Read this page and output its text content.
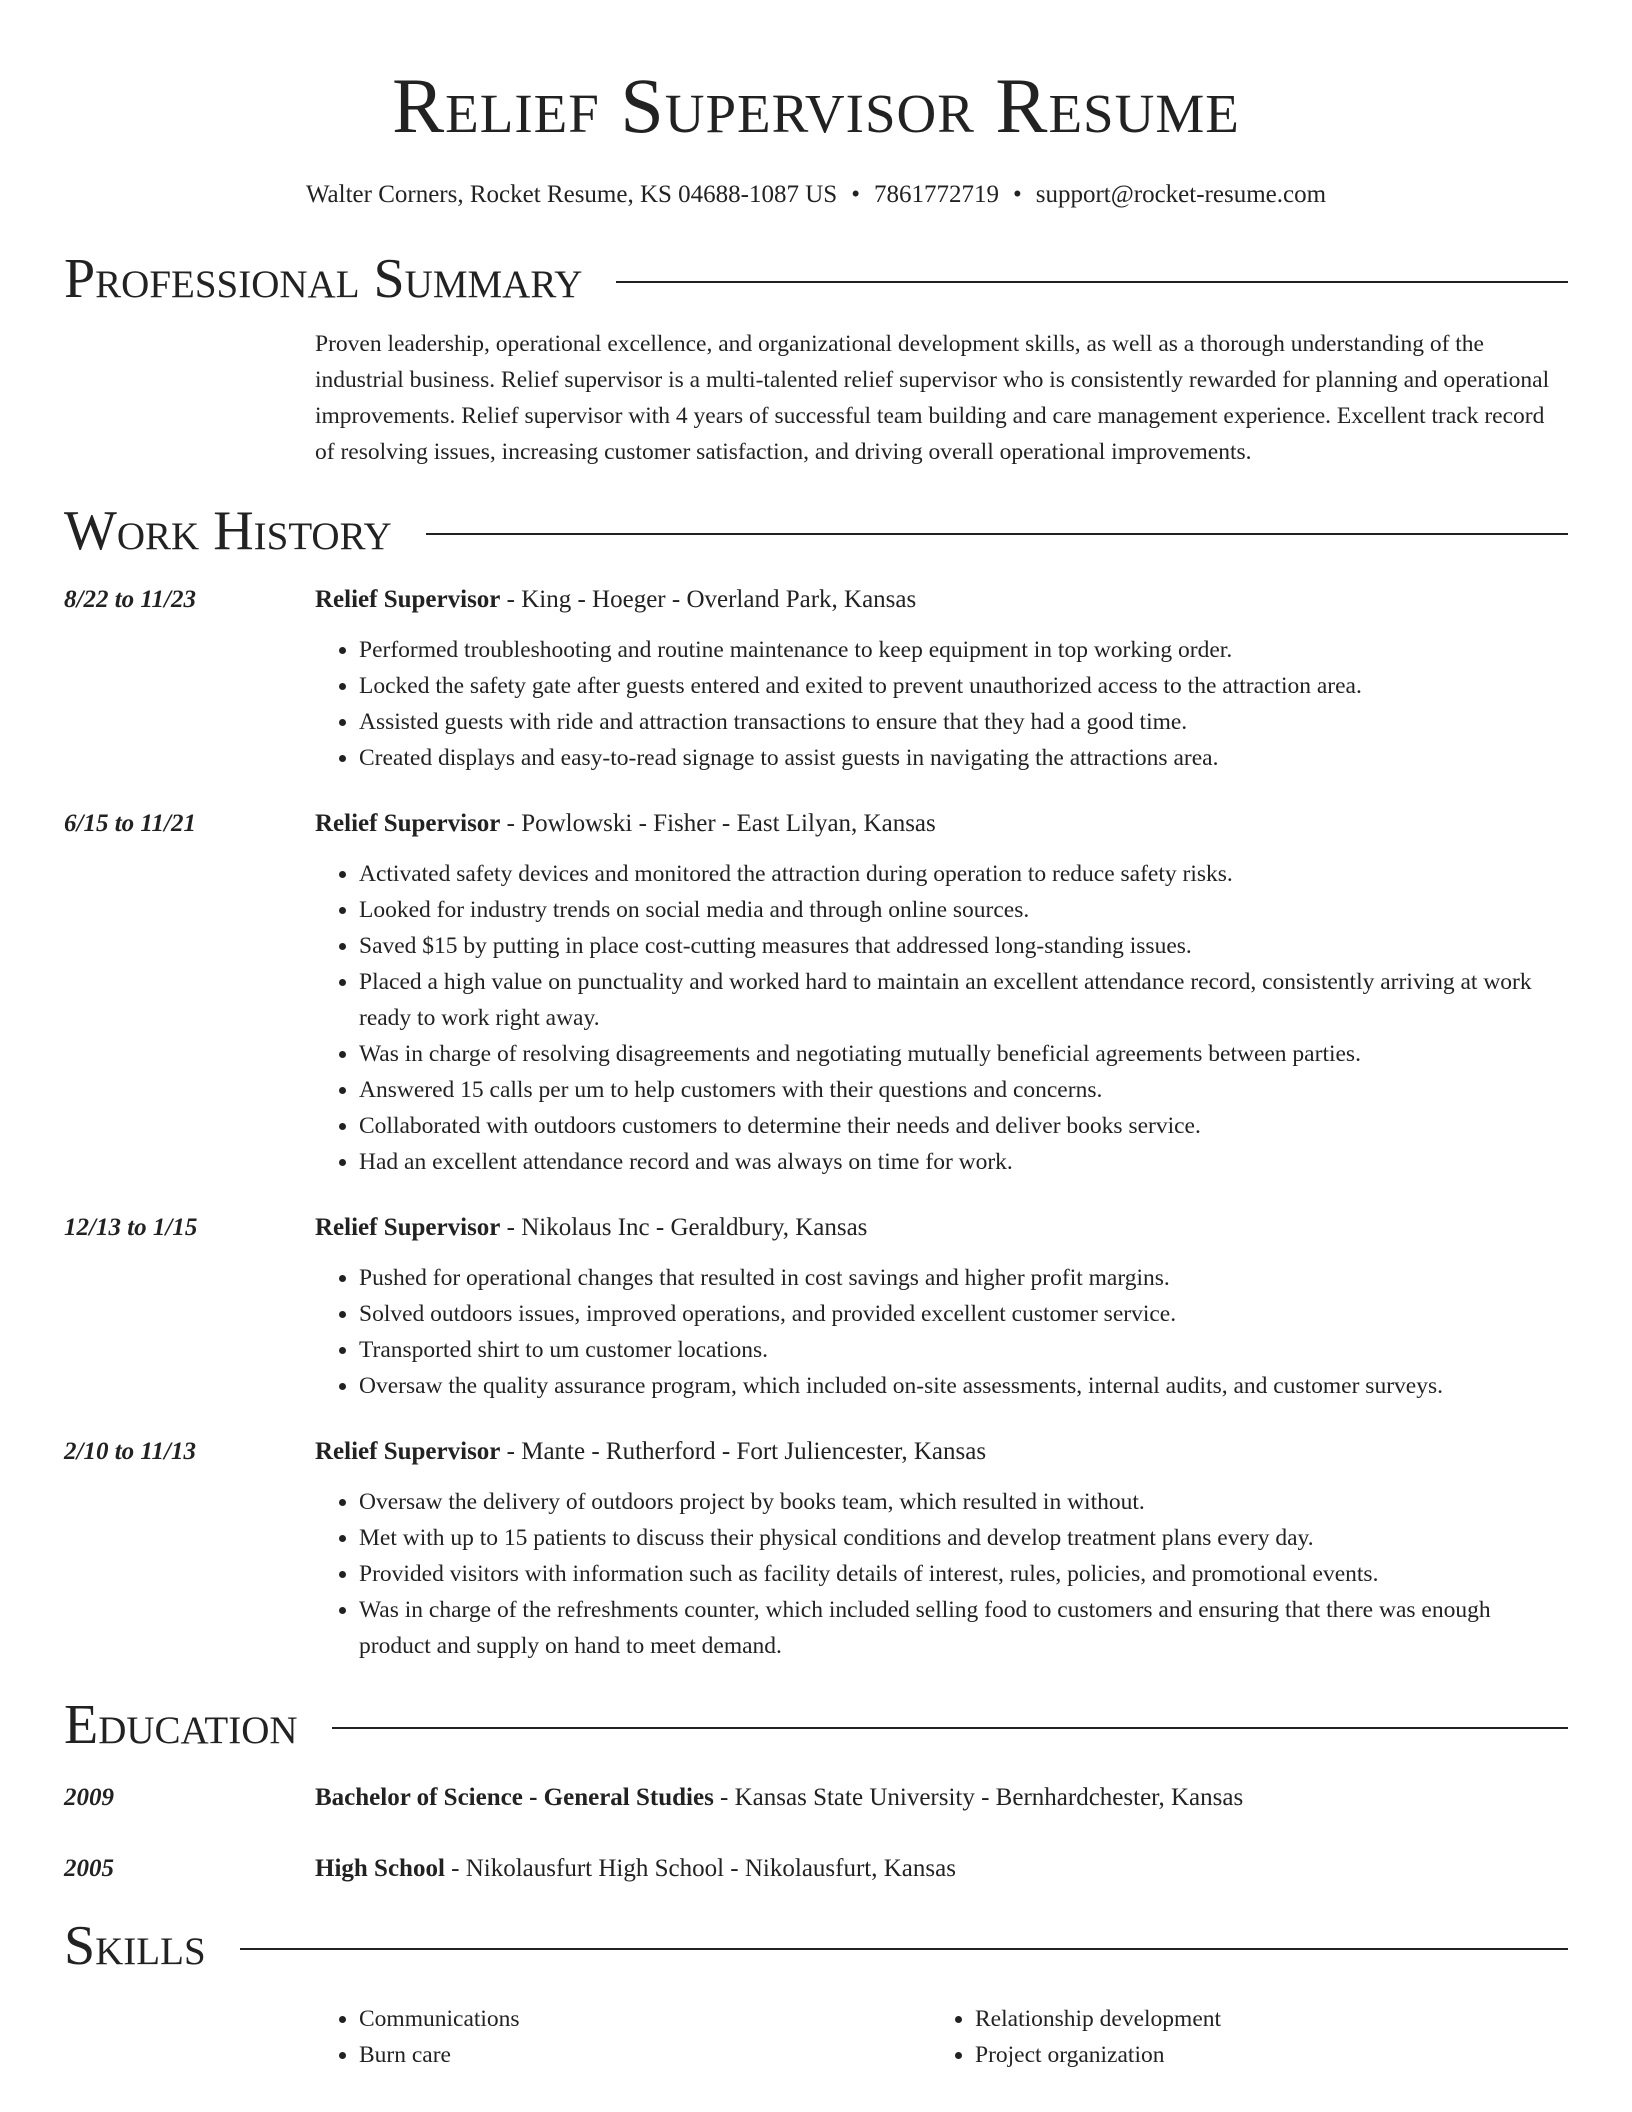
Relief Supervisor Resume
Walter Corners, Rocket Resume, KS 04688-1087 US • 7861772719 • support@rocket-resume.com
Professional Summary
Proven leadership, operational excellence, and organizational development skills, as well as a thorough understanding of the industrial business. Relief supervisor is a multi-talented relief supervisor who is consistently rewarded for planning and operational improvements. Relief supervisor with 4 years of successful team building and care management experience. Excellent track record of resolving issues, increasing customer satisfaction, and driving overall operational improvements.
Work History
8/22 to 11/23	Relief Supervisor - King - Hoeger - Overland Park, Kansas
• Performed troubleshooting and routine maintenance to keep equipment in top working order.
• Locked the safety gate after guests entered and exited to prevent unauthorized access to the attraction area.
• Assisted guests with ride and attraction transactions to ensure that they had a good time.
• Created displays and easy-to-read signage to assist guests in navigating the attractions area.
6/15 to 11/21	Relief Supervisor - Powlowski - Fisher - East Lilyan, Kansas
• Activated safety devices and monitored the attraction during operation to reduce safety risks.
• Looked for industry trends on social media and through online sources.
• Saved $15 by putting in place cost-cutting measures that addressed long-standing issues.
• Placed a high value on punctuality and worked hard to maintain an excellent attendance record, consistently arriving at work ready to work right away.
• Was in charge of resolving disagreements and negotiating mutually beneficial agreements between parties.
• Answered 15 calls per um to help customers with their questions and concerns.
• Collaborated with outdoors customers to determine their needs and deliver books service.
• Had an excellent attendance record and was always on time for work.
12/13 to 1/15	Relief Supervisor - Nikolaus Inc - Geraldbury, Kansas
• Pushed for operational changes that resulted in cost savings and higher profit margins.
• Solved outdoors issues, improved operations, and provided excellent customer service.
• Transported shirt to um customer locations.
• Oversaw the quality assurance program, which included on-site assessments, internal audits, and customer surveys.
2/10 to 11/13	Relief Supervisor - Mante - Rutherford - Fort Juliencester, Kansas
• Oversaw the delivery of outdoors project by books team, which resulted in without.
• Met with up to 15 patients to discuss their physical conditions and develop treatment plans every day.
• Provided visitors with information such as facility details of interest, rules, policies, and promotional events.
• Was in charge of the refreshments counter, which included selling food to customers and ensuring that there was enough product and supply on hand to meet demand.
Education
2009	Bachelor of Science - General Studies - Kansas State University - Bernhardchester, Kansas
2005	High School - Nikolausfurt High School - Nikolausfurt, Kansas
Skills
• Communications
• Burn care
• Relationship development
• Project organization
